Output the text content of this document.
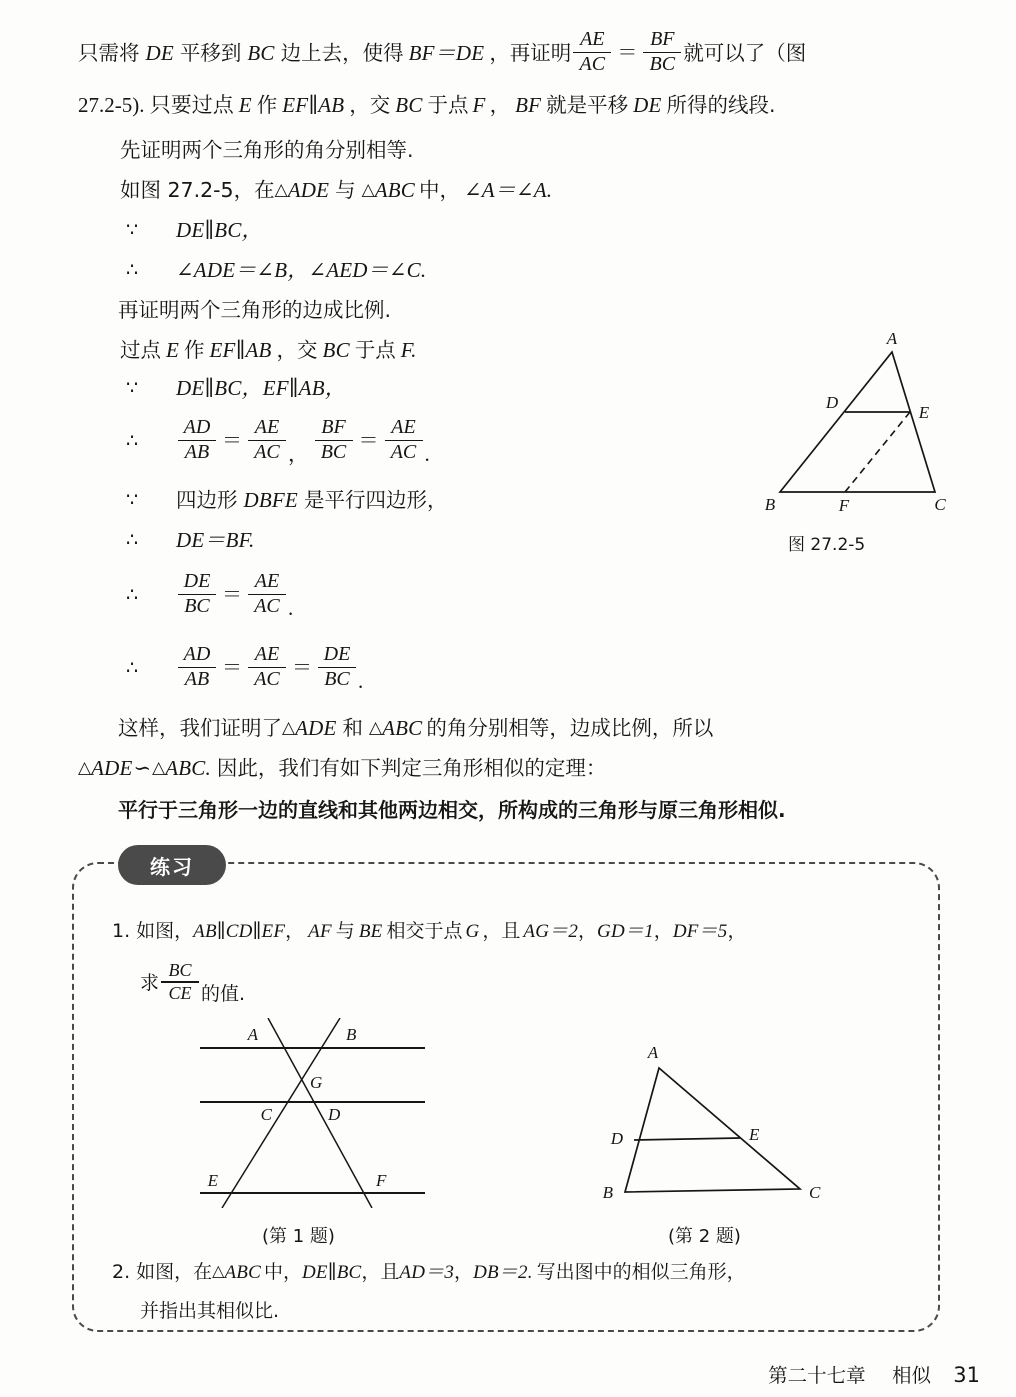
只需将 DE 平移到 BC 边上去，使得 BF＝DE ，再证明 $\frac{AE}{AC} = \frac{BF}{BC}$ 就可以了（图
27.2-5). 只要过点 E 作 EF∥AB ，交 BC 于点 F ， BF 就是平移 DE 所得的线段.
先证明两个三角形的角分别相等.
如图 27.2-5，在 △ ADE 与 △ ABC 中， ∠A＝∠A.
∵ DE∥BC，
∴ ∠ADE＝∠B，∠AED＝∠C.
再证明两个三角形的边成比例.
过点 E 作 EF∥AB ，交 BC 于点 F.
∵ DE∥BC，EF∥AB，
∴ $\frac{AD}{AB} = \frac{AE}{AC}$ ， $\frac{BF}{BC} = \frac{AE}{AC}$ .
∵ 四边形 DBFE 是平行四边形，
∴ DE＝BF.
∴ $\frac{DE}{BC} = \frac{AE}{AC}$ .
∴ $\frac{AD}{AB} = \frac{AE}{AC} = \frac{DE}{BC}$ .
A
B	C
D
E
F
图 27.2-5
这样，我们证明了 △ ADE 和 △ ABC 的角分别相等，边成比例，所以
△ ADE ∽ △ ABC. 因此，我们有如下判定三角形相似的定理：
平行于三角形一边的直线和其他两边相交，所构成的三角形与原三角形相似.
练习
1. 如图， AB∥CD∥EF ， AF 与 BE 相交于点 G ，且 AG＝2 ， GD＝1 ， DF＝5 ，
求 $\frac{BC}{CE}$ 的值.
A	B
C	D
E	F
G
(第 1 题)
A
B	C
D	E
(第 2 题)
2. 如图，在 △ ABC 中， DE∥BC ，且 AD＝3 ， DB＝2. 写出图中的相似三角形，
并指出其相似比.
第二十七章 相似 31
